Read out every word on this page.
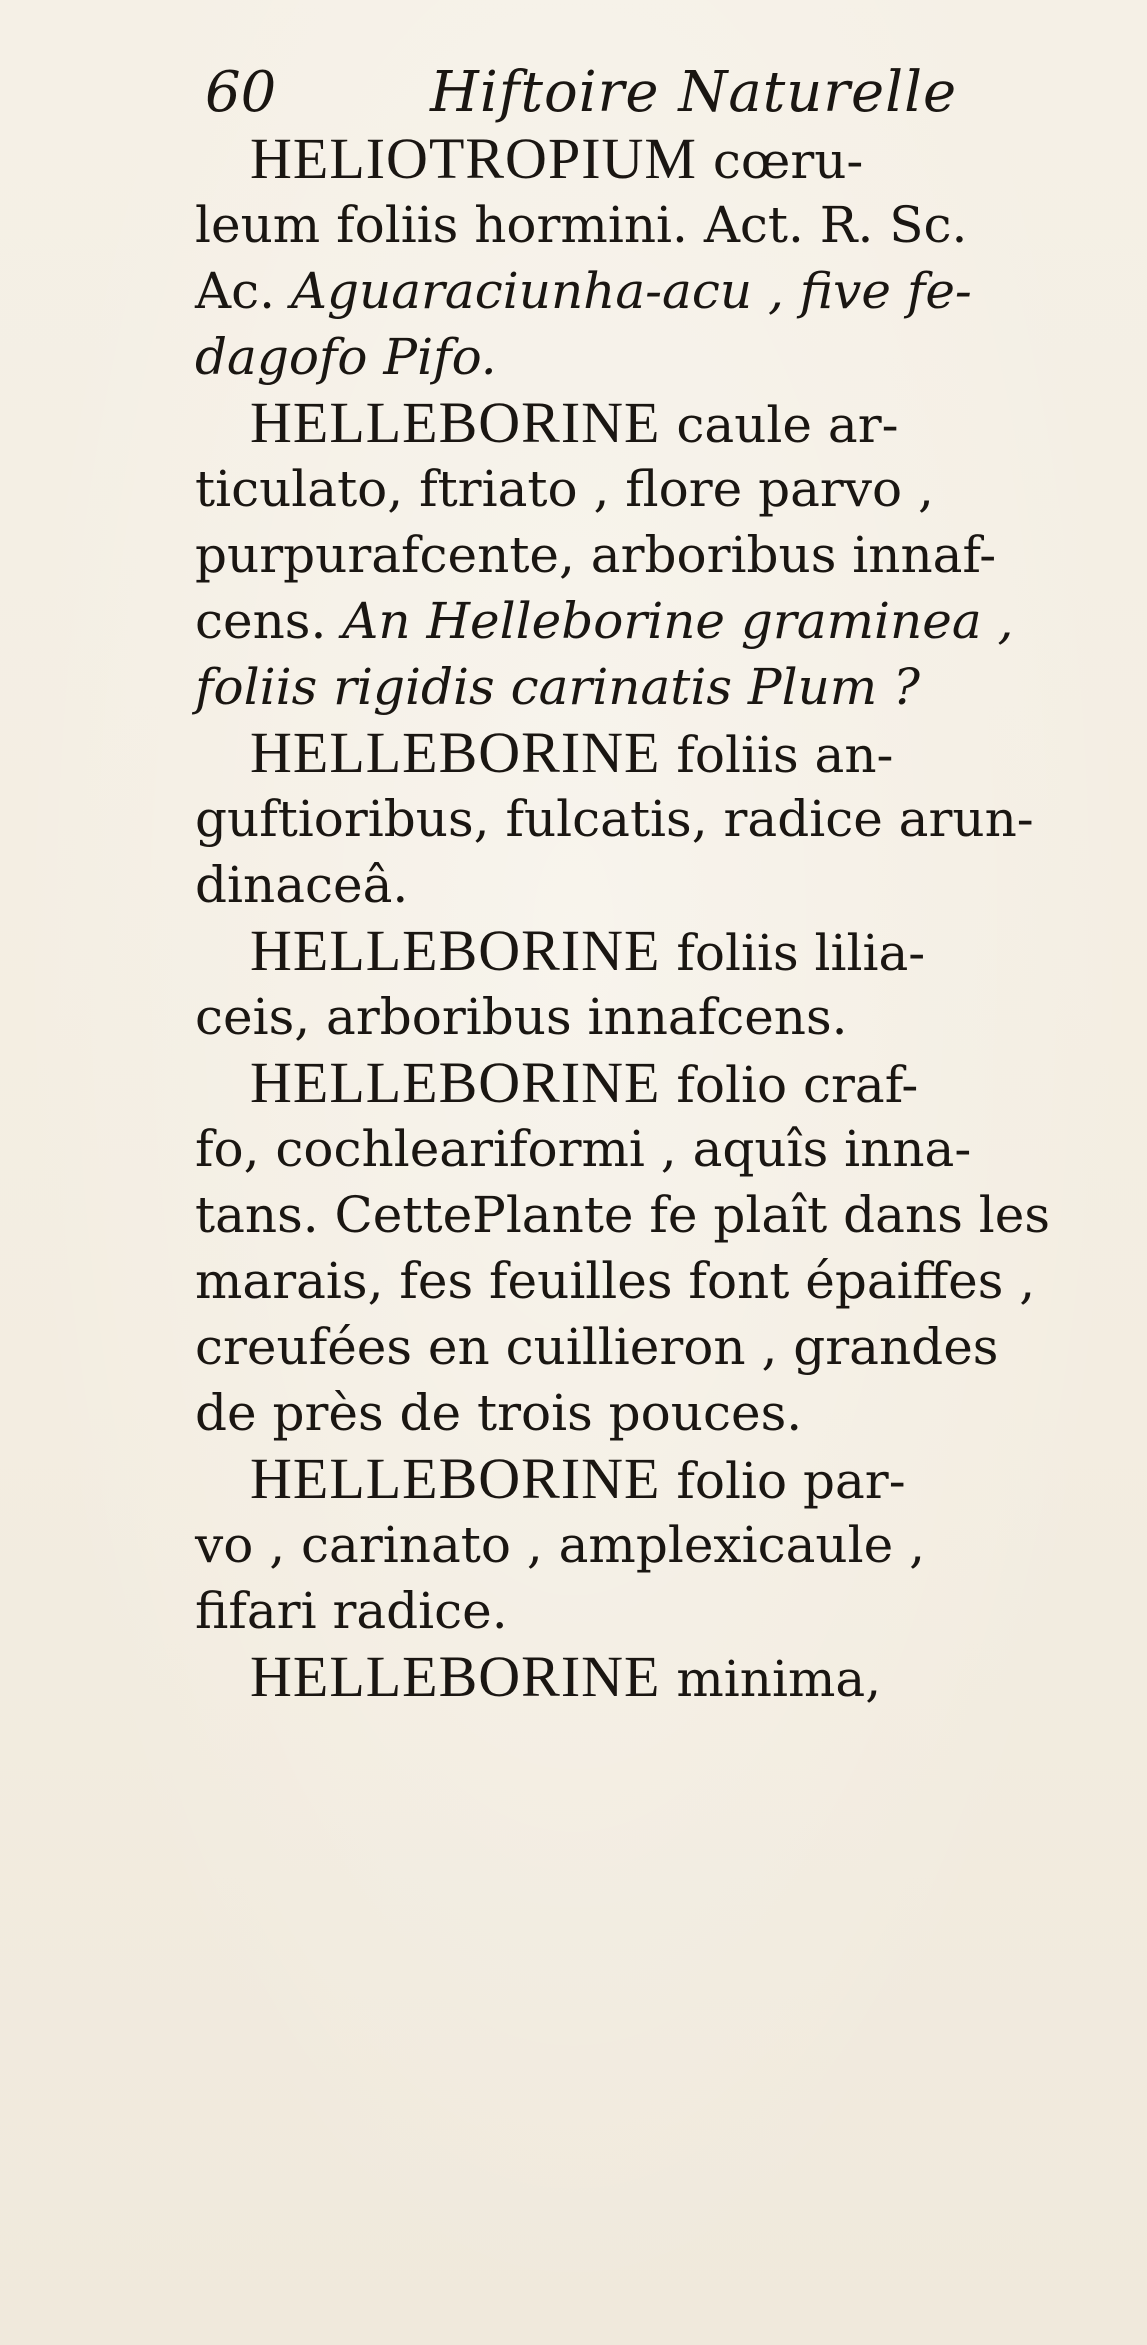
60	Hiftoire Naturelle
HELIOTROPIUM cœru-
leum foliis hormini. Act. R. Sc.
Ac. Aguaraciunha-acu , five fe-
dagofo Pifo.
HELLEBORINE caule ar-
ticulato, ftriato , flore parvo ,
purpurafcente, arboribus innaf-
cens. An Helleborine graminea ,
foliis rigidis carinatis Plum ?
HELLEBORINE foliis an-
guftioribus, fulcatis, radice arun-
dinaceâ.
HELLEBORINE foliis lilia-
ceis, arboribus innafcens.
HELLEBORINE folio craf-
fo, cochleariformi , aquîs inna-
tans. CettePlante fe plaît dans les
marais, fes feuilles font épaiffes ,
creufées en cuillieron , grandes
de près de trois pouces.
HELLEBORINE folio par-
vo , carinato , amplexicaule ,
fifari radice.
HELLEBORINE minima,
